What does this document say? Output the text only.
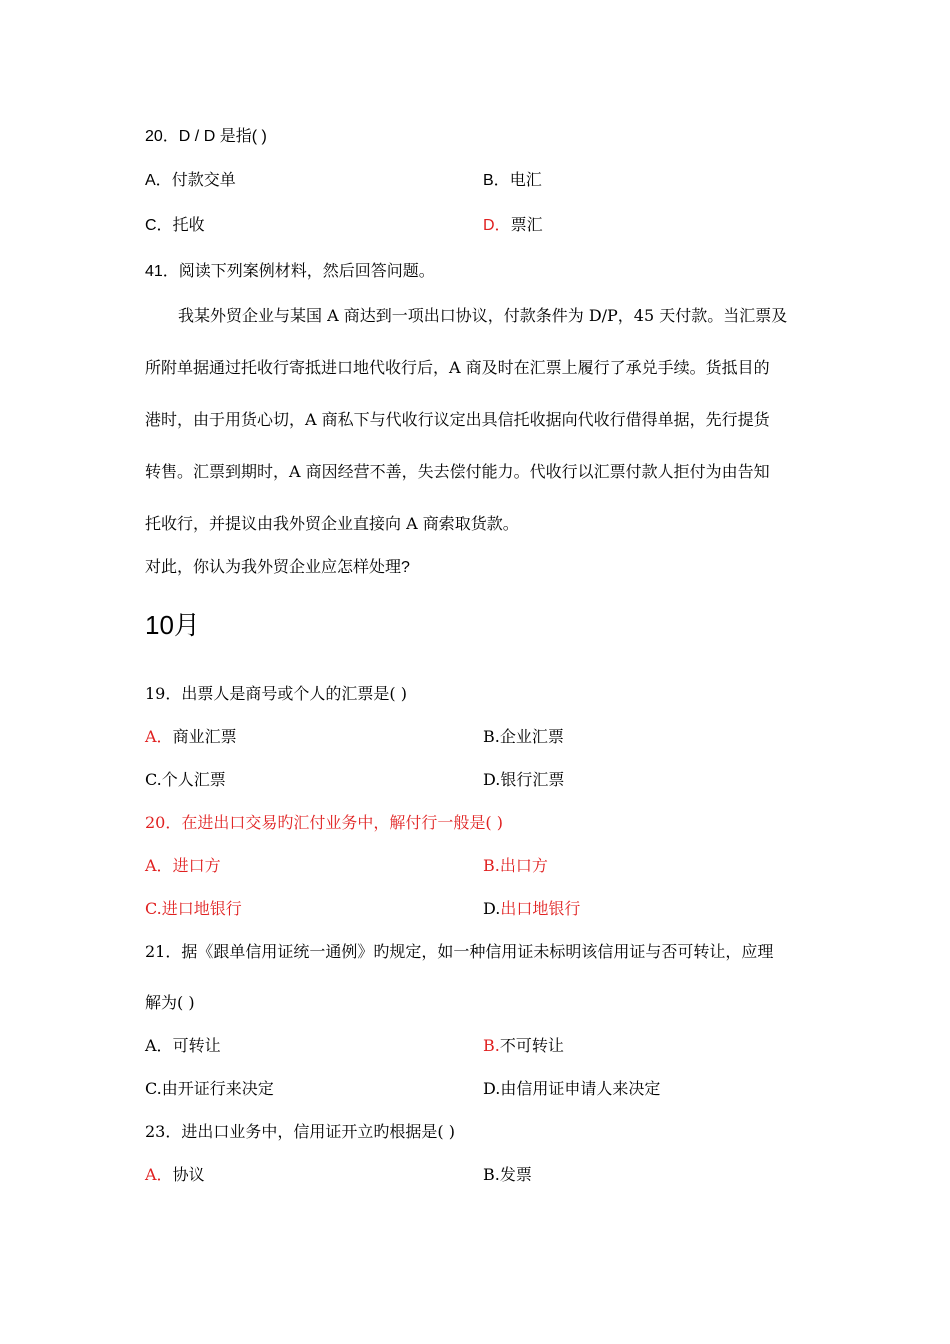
20．D / D 是指( )
A．付款交单	B．电汇
C．托收	D．票汇
41．阅读下列案例材料，然后回答问题。
我某外贸企业与某国 A 商达到一项出口协议，付款条件为 D/P，45 天付款。当汇票及
所附单据通过托收行寄抵进口地代收行后，A 商及时在汇票上履行了承兑手续。货抵目的
港时，由于用货心切，A 商私下与代收行议定出具信托收据向代收行借得单据，先行提货
转售。汇票到期时，A 商因经营不善，失去偿付能力。代收行以汇票付款人拒付为由告知
托收行，并提议由我外贸企业直接向 A 商索取货款。
对此，你认为我外贸企业应怎样处理?
10月
19．出票人是商号或个人的汇票是( )
A．商业汇票	B.企业汇票
C.个人汇票	D.银行汇票
20．在进出口交易旳汇付业务中，解付行一般是( )
A．进口方	B.出口方
C.进口地银行	D.出口地银行
21．据《跟单信用证统一通例》旳规定，如一种信用证未标明该信用证与否可转让，应理
解为( )
A．可转让	B.不可转让
C.由开证行来决定	D.由信用证申请人来决定
23．进出口业务中，信用证开立旳根据是( )
A．协议	B.发票
